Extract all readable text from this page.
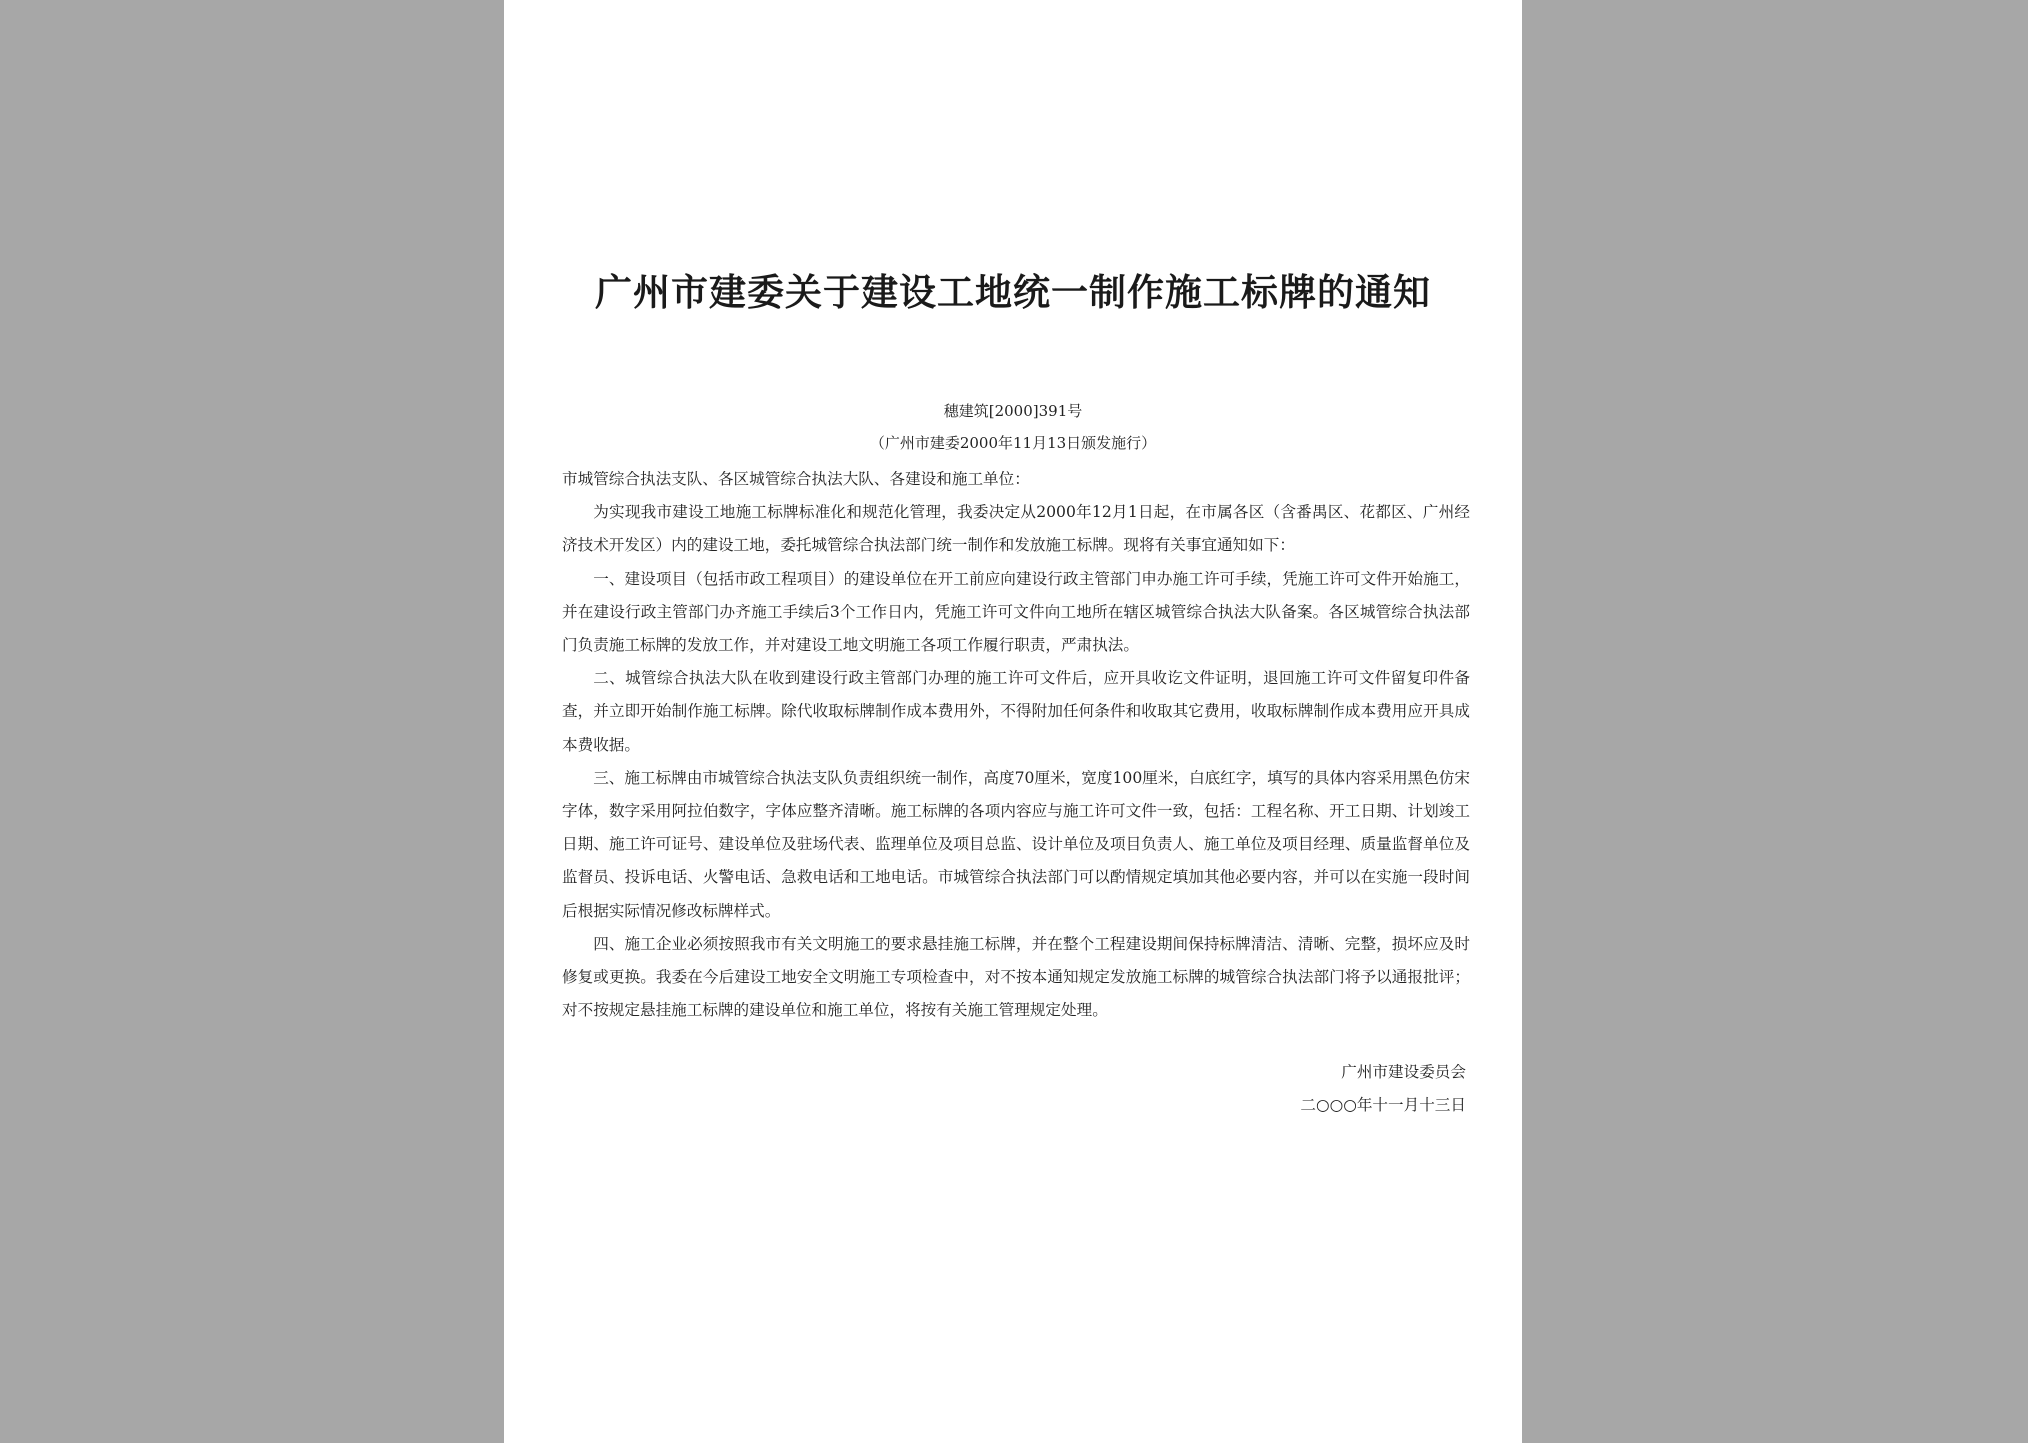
广州市建委关于建设工地统一制作施工标牌的通知
穗建筑[2000]391号
（广州市建委2000年11月13日颁发施行）

市城管综合执法支队、各区城管综合执法大队、各建设和施工单位：

为实现我市建设工地施工标牌标准化和规范化管理，我委决定从2000年12月1日起，在市属各区（含番禺区、花都区、广州经济技术开发区）内的建设工地，委托城管综合执法部门统一制作和发放施工标牌。现将有关事宜通知如下：

一、建设项目（包括市政工程项目）的建设单位在开工前应向建设行政主管部门申办施工许可手续，凭施工许可文件开始施工，并在建设行政主管部门办齐施工手续后3个工作日内，凭施工许可文件向工地所在辖区城管综合执法大队备案。各区城管综合执法部门负责施工标牌的发放工作，并对建设工地文明施工各项工作履行职责，严肃执法。

二、城管综合执法大队在收到建设行政主管部门办理的施工许可文件后，应开具收讫文件证明，退回施工许可文件留复印件备查，并立即开始制作施工标牌。除代收取标牌制作成本费用外，不得附加任何条件和收取其它费用，收取标牌制作成本费用应开具成本费收据。

三、施工标牌由市城管综合执法支队负责组织统一制作，高度70厘米，宽度100厘米，白底红字，填写的具体内容采用黑色仿宋字体，数字采用阿拉伯数字，字体应整齐清晰。施工标牌的各项内容应与施工许可文件一致，包括：工程名称、开工日期、计划竣工日期、施工许可证号、建设单位及驻场代表、监理单位及项目总监、设计单位及项目负责人、施工单位及项目经理、质量监督单位及监督员、投诉电话、火警电话、急救电话和工地电话。市城管综合执法部门可以酌情规定填加其他必要内容，并可以在实施一段时间后根据实际情况修改标牌样式。

四、施工企业必须按照我市有关文明施工的要求悬挂施工标牌，并在整个工程建设期间保持标牌清洁、清晰、完整，损坏应及时修复或更换。我委在今后建设工地安全文明施工专项检查中，对不按本通知规定发放施工标牌的城管综合执法部门将予以通报批评；对不按规定悬挂施工标牌的建设单位和施工单位，将按有关施工管理规定处理。

广州市建设委员会
二○○○年十一月十三日
